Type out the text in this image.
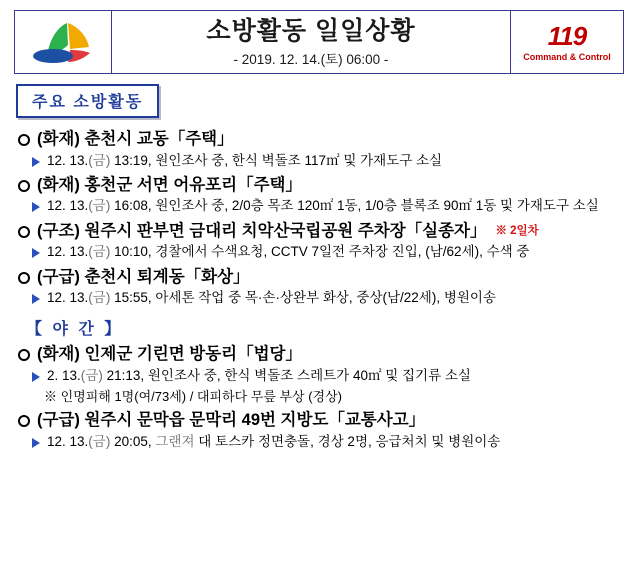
소방활동 일일상황
- 2019. 12. 14.(토) 06:00 -
119
Command & Control
주요 소방활동
(화재) 춘천시 교동「주택」
12. 13.(금) 13:19, 원인조사 중, 한식 벽돌조 117㎡ 및 가재도구 소실
(화재) 홍천군 서면 어유포리「주택」
12. 13.(금) 16:08, 원인조사 중, 2/0층 목조 120㎡ 1동, 1/0층 블록조 90㎡ 1동 및 가재도구 소실
(구조) 원주시 판부면 금대리 치악산국립공원 주차장「실종자」 ※ 2일차
12. 13.(금) 10:10, 경찰에서 수색요청, CCTV 7일전 주차장 진입, (남/62세), 수색 중
(구급) 춘천시 퇴계동「화상」
12. 13.(금) 15:55, 아세톤 작업 중 목·손·상완부 화상, 중상(남/22세), 병원이송
【 야 간 】
(화재) 인제군 기린면 방동리「법당」
2. 13.(금) 21:13, 원인조사 중, 한식 벽돌조 스레트가 40㎡ 및 집기류 소실
※ 인명피해 1명(여/73세) / 대피하다 무릎 부상 (경상)
(구급) 원주시 문막읍 문막리 49번 지방도「교통사고」
12. 13.(금) 20:05, 그랜져 대 토스카 정면충돌, 경상 2명, 응급처치 및 병원이송
